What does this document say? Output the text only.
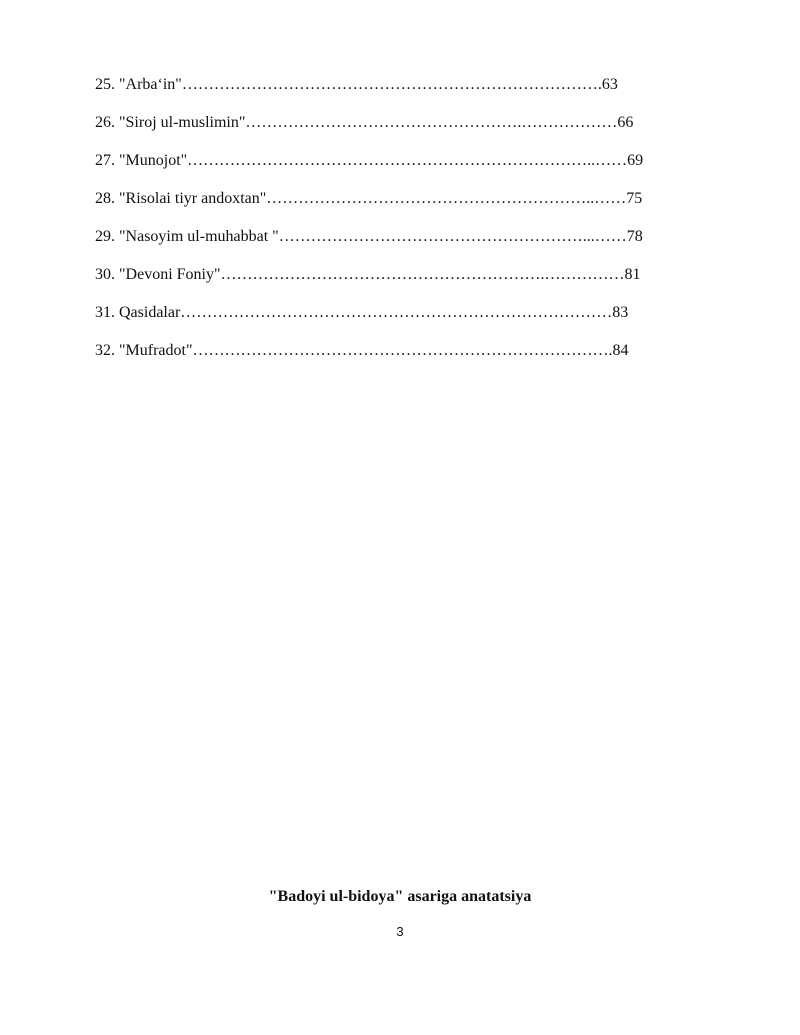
25. "Arba‘in"…………………………………………………………………….63
26. "Siroj ul-muslimin"…………………………………………….………………66
27. "Munojot"…………………………………………………………………..……69
28. "Risolai tiyr andoxtan"……………………………………………………..……75
29. "Nasoyim ul-muhabbat "…………………………………………………...……78
30. "Devoni Foniy"…………………………………………………….……………81
31. Qasidalar………………………………………………………………………83
32. "Mufradot"…………………………………………………………………….84
"Badoyi ul-bidoya" asariga anatatsiya
3
